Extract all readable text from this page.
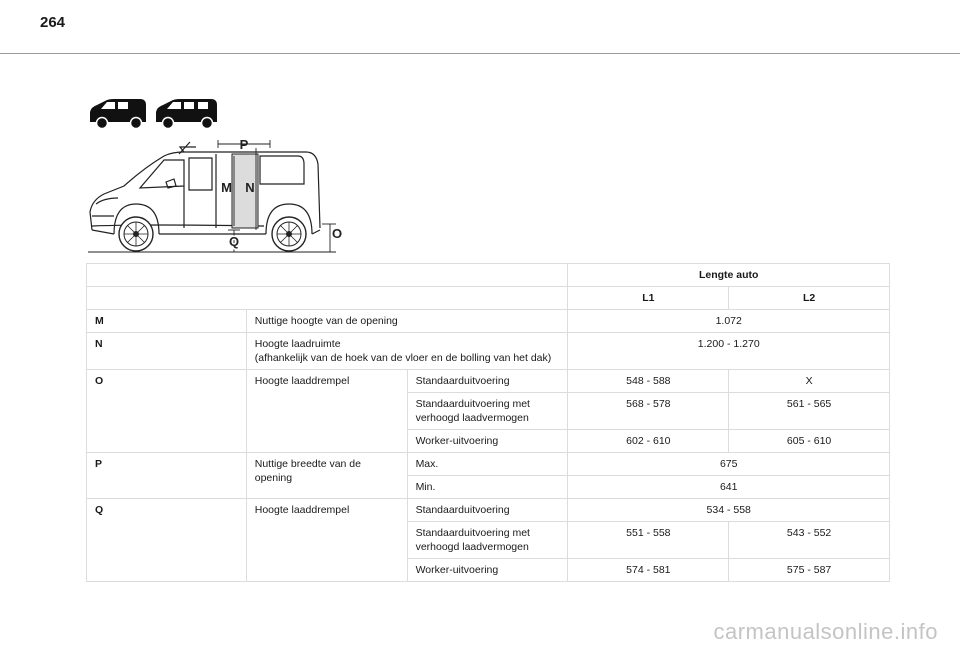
264
P
M N
Q
O
			Lengte auto	
			L1	L2
M	Nuttige hoogte van de opening		1.072	
N	Hoogte laadruimte
(afhankelijk van de hoek van de vloer en de bolling van het dak)		1.200 - 1.270	
O	Hoogte laaddrempel	Standaarduitvoering	548 - 588	X
		Standaarduitvoering met verhoogd laadvermogen	568 - 578	561 - 565
		Worker-uitvoering	602 - 610	605 - 610
P	Nuttige breedte van de opening	Max.	675	
		Min.	641	
Q	Hoogte laaddrempel	Standaarduitvoering	534 - 558	
		Standaarduitvoering met verhoogd laadvermogen	551 - 558	543 - 552
		Worker-uitvoering	574 - 581	575 - 587
carmanualsonline.info
